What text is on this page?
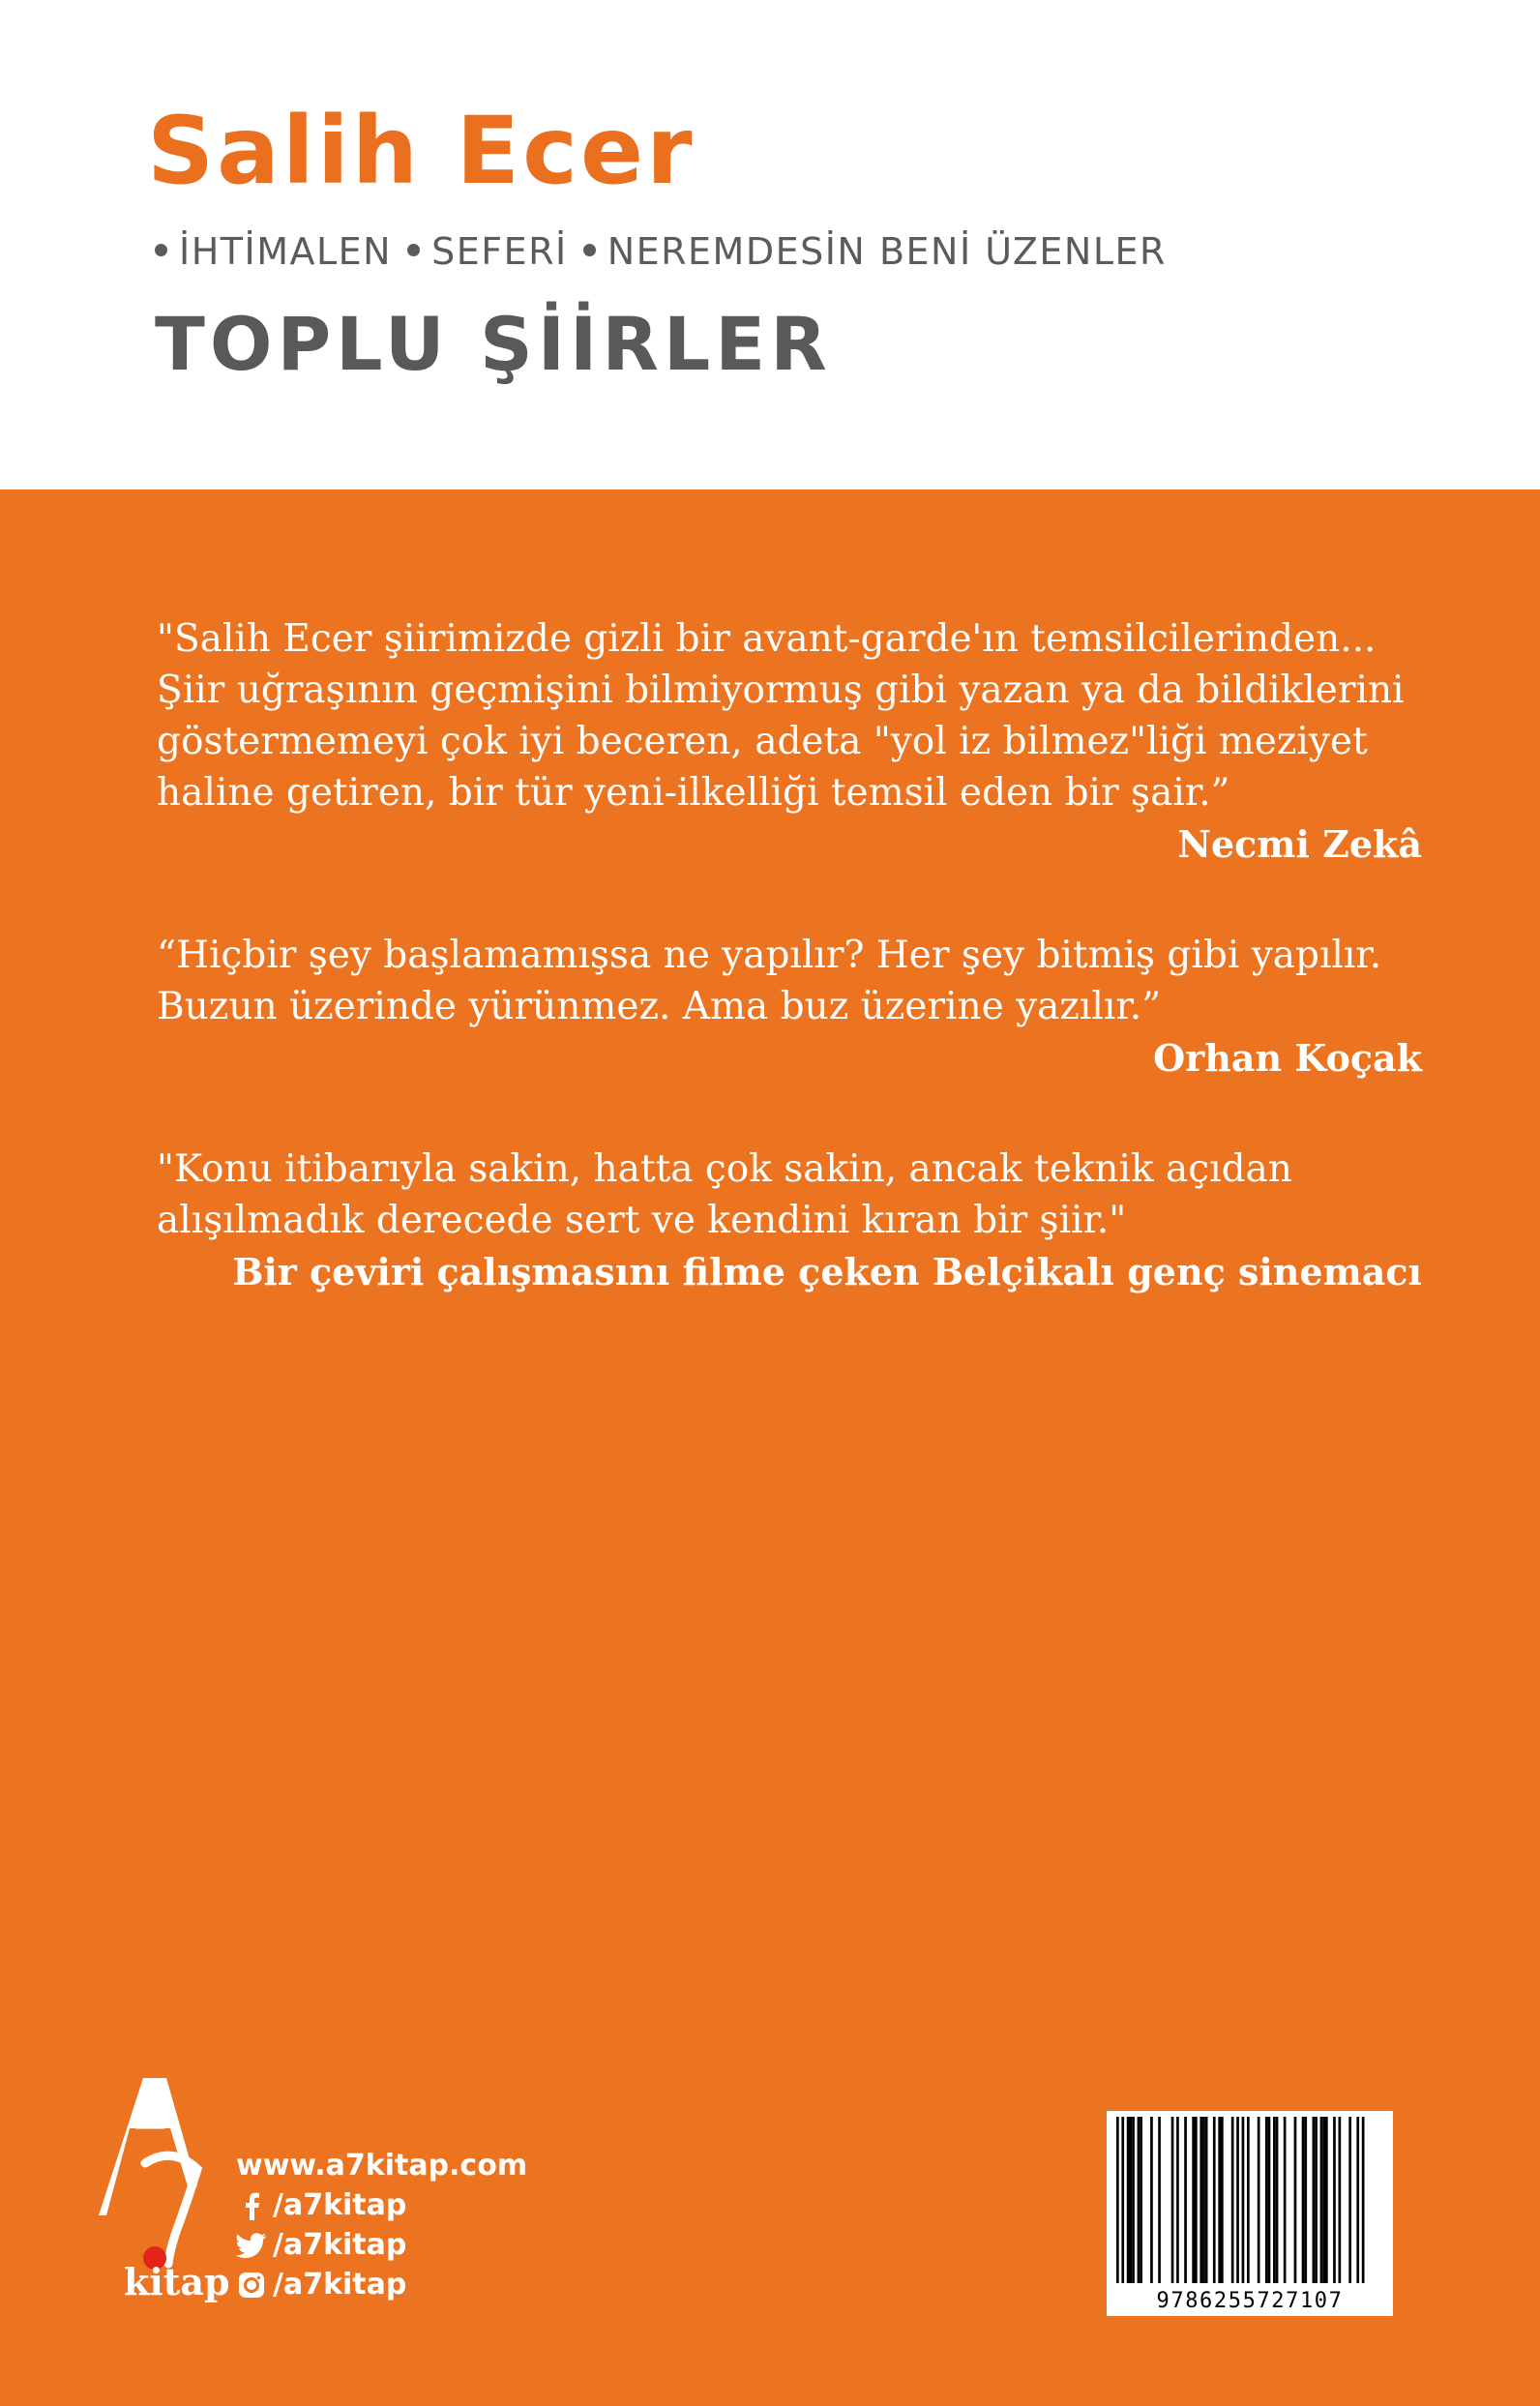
Salih Ecer
İHTİMALEN SEFERİ NEREMDESİN BENİ ÜZENLER
TOPLU ŞİİRLER
"Salih Ecer şiirimizde gizli bir avant-garde'ın temsilcilerinden...
Şiir uğraşının geçmişini bilmiyormuş gibi yazan ya da bildiklerini
göstermemeyi çok iyi beceren, adeta "yol iz bilmez"liği meziyet
haline getiren, bir tür yeni-ilkelliği temsil eden bir şair.”
Necmi Zekâ
“Hiçbir şey başlamamışsa ne yapılır? Her şey bitmiş gibi yapılır.
Buzun üzerinde yürünmez. Ama buz üzerine yazılır.”
Orhan Koçak
"Konu itibarıyla sakin, hatta çok sakin, ancak teknik açıdan
alışılmadık derecede sert ve kendini kıran bir şiir."
Bir çeviri çalışmasını filme çeken Belçikalı genç sinemacı
kitap
www.a7kitap.com
/a7kitap
/a7kitap
/a7kitap	9786255727107
